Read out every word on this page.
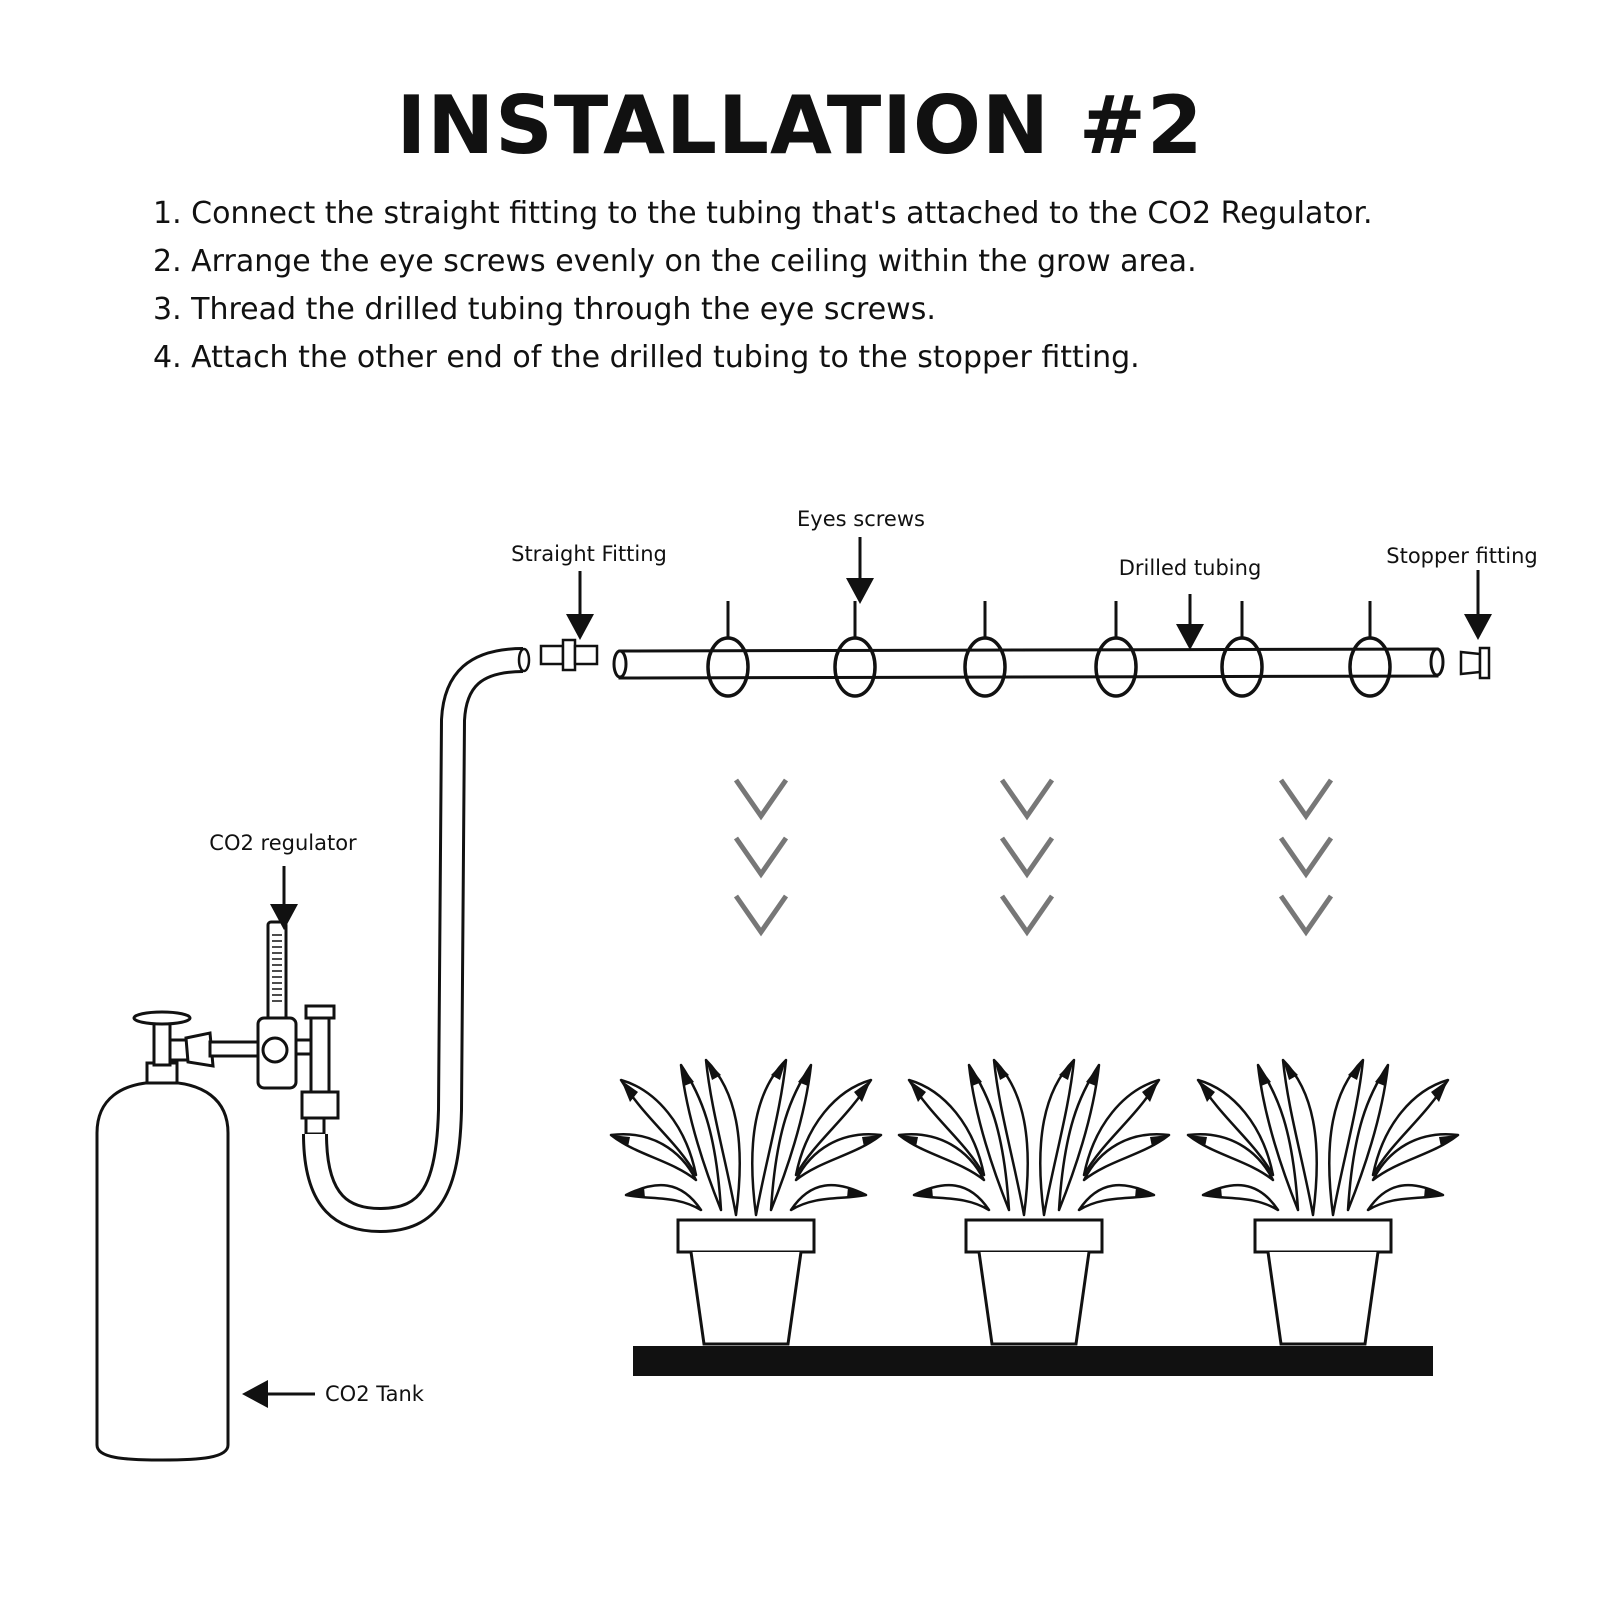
INSTALLATION #2
1. Connect the straight fitting to the tubing that's attached to the CO2 Regulator.
2. Arrange the eye screws evenly on the ceiling within the grow area.
3. Thread the drilled tubing through the eye screws.
4. Attach the other end of the drilled tubing to the stopper fitting.
Straight Fitting
Eyes screws
Drilled tubing	Stopper fitting
CO2 regulator
CO2 Tank
